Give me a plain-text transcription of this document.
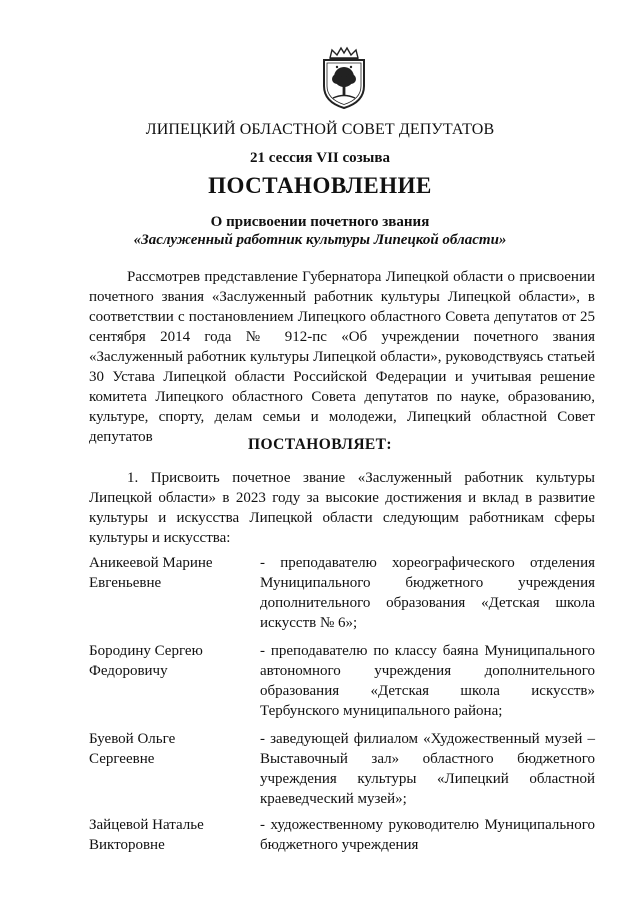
ЛИПЕЦКИЙ ОБЛАСТНОЙ СОВЕТ ДЕПУТАТОВ
21 сессия VII созыва
ПОСТАНОВЛЕНИЕ
О присвоении почетного звания
«Заслуженный работник культуры Липецкой области»

Рассмотрев представление Губернатора Липецкой области о присвоении почетного звания «Заслуженный работник культуры Липецкой области», в соответствии с постановлением Липецкого областного Совета депутатов от 25 сентября 2014 года № 912-пс «Об учреждении почетного звания «Заслуженный работник культуры Липецкой области», руководствуясь статьей 30 Устава Липецкой области Российской Федерации и учитывая решение комитета Липецкого областного Совета депутатов по науке, образованию, культуре, спорту, делам семьи и молодежи, Липецкий областной Совет депутатов	ПОСТАНОВЛЯЕТ:

1. Присвоить почетное звание «Заслуженный работник культуры Липецкой области» в 2023 году за высокие достижения и вклад в развитие культуры и искусства Липецкой области следующим работникам сферы культуры и искусства:

Аникеевой Марине
Евгеньевне
- преподавателю хореографического отделения Муниципального бюджетного учреждения дополнительного образования «Детская школа искусств № 6»;
Бородину Сергею
Федоровичу
- преподавателю по классу баяна Муниципального автономного учреждения дополнительного образования «Детская школа искусств» Тербунского муниципального района;
Буевой Ольге
Сергеевне
- заведующей филиалом «Художественный музей – Выставочный зал» областного бюджетного учреждения культуры «Липецкий областной краеведческий музей»;
Зайцевой Наталье
Викторовне
- художественному руководителю Муниципального бюджетного учреждения
